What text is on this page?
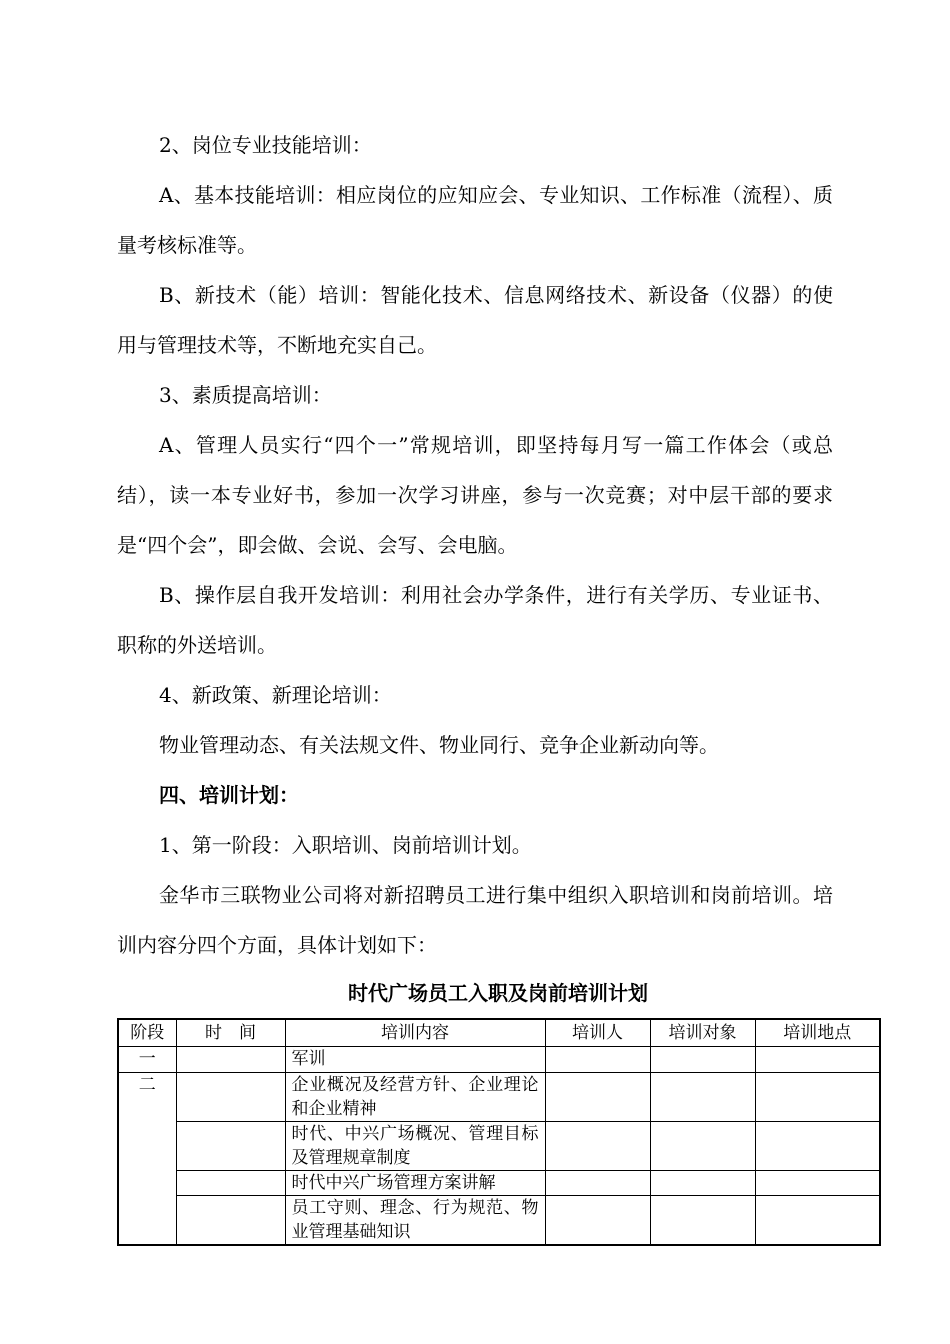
2、岗位专业技能培训：

A、基本技能培训：相应岗位的应知应会、专业知识、工作标准（流程）、质量考核标准等。

B、新技术（能）培训：智能化技术、信息网络技术、新设备（仪器）的使用与管理技术等，不断地充实自己。

3、素质提高培训：

A、管理人员实行“四个一”常规培训，即坚持每月写一篇工作体会（或总结），读一本专业好书，参加一次学习讲座，参与一次竞赛；对中层干部的要求是“四个会”，即会做、会说、会写、会电脑。

B、操作层自我开发培训：利用社会办学条件，进行有关学历、专业证书、职称的外送培训。

4、新政策、新理论培训：

物业管理动态、有关法规文件、物业同行、竞争企业新动向等。

四、培训计划：

1、第一阶段：入职培训、岗前培训计划。

金华市三联物业公司将对新招聘员工进行集中组织入职培训和岗前培训。培训内容分四个方面，具体计划如下：

时代广场员工入职及岗前培训计划
阶段	时　间	培训内容	培训人	培训对象	培训地点
一		军训			
二		企业概况及经营方针、企业理论和企业精神			
		时代、中兴广场概况、管理目标及管理规章制度			
		时代中兴广场管理方案讲解			
		员工守则、理念、行为规范、物业管理基础知识			
